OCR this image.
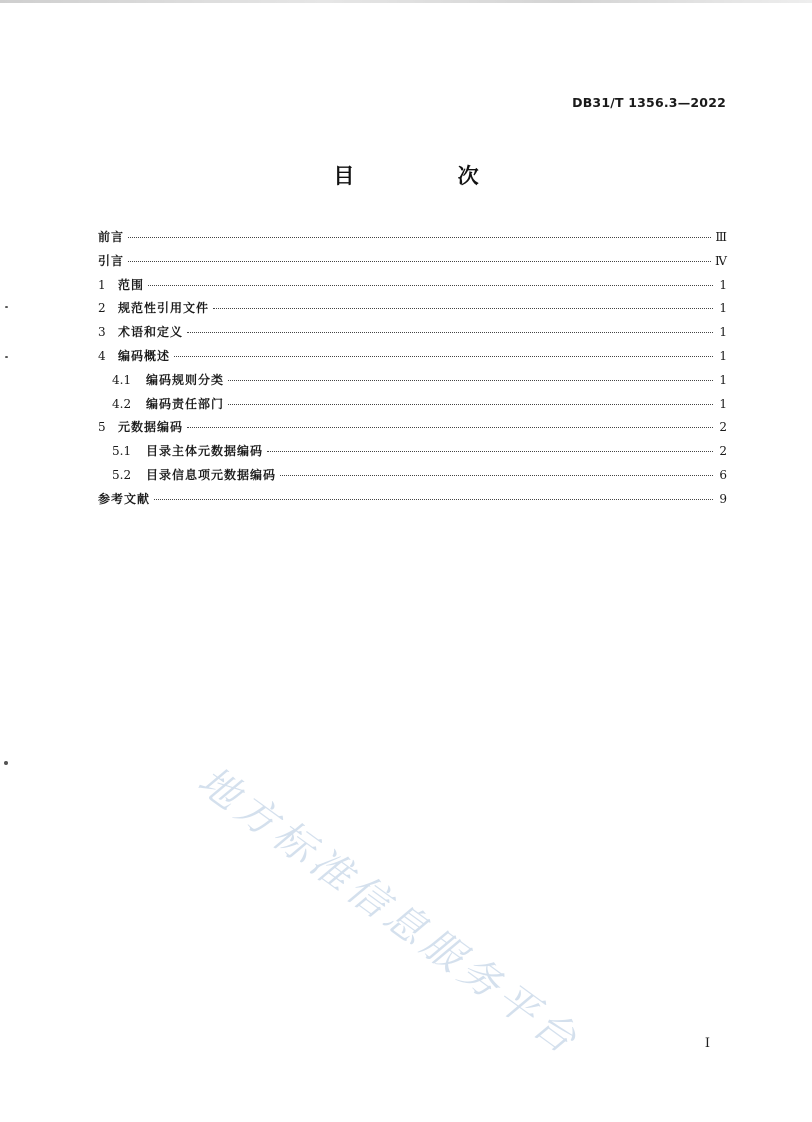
DB31/T 1356.3—2022
目 次
前言	Ⅲ
引言	Ⅳ
1	范围	1
2	规范性引用文件	1
3	术语和定义	1
4	编码概述	1
4.1	编码规则分类	1
4.2	编码责任部门	1
5	元数据编码	2
5.1	目录主体元数据编码	2
5.2	目录信息项元数据编码	6
参考文献	9
地方标准信息服务平台	I
